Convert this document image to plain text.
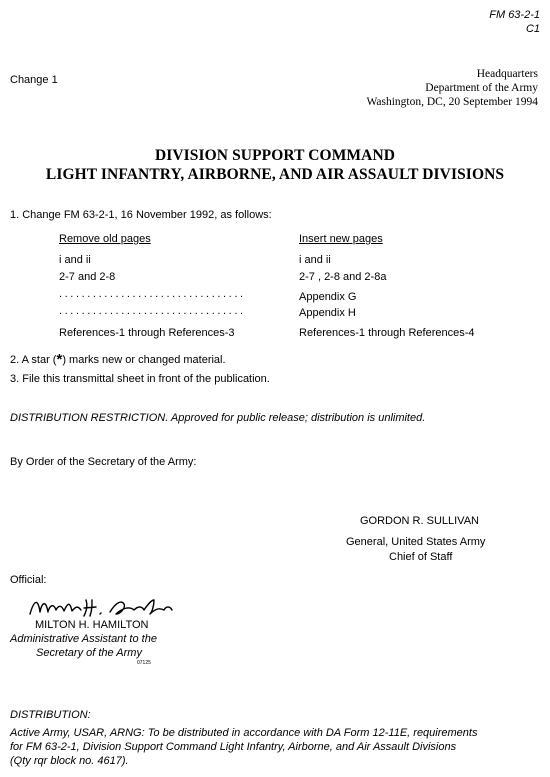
FM 63-2-1
C1
Change 1	Headquarters
Department of the Army
Washington, DC, 20 September 1994
DIVISION SUPPORT COMMAND
LIGHT INFANTRY, AIRBORNE, AND AIR ASSAULT DIVISIONS
1. Change FM 63-2-1, 16 November 1992, as follows:
Remove old pages	Insert new pages
i and ii	i and ii
2-7 and 2-8	2-7 , 2-8 and 2-8a
.................................	Appendix G
.................................	Appendix H
References-1 through References-3	References-1 through References-4
2. A star (*) marks new or changed material.
3. File this transmittal sheet in front of the publication.
DISTRIBUTION RESTRICTION. Approved for public release; distribution is unlimited.
By Order of the Secretary of the Army:
GORDON R. SULLIVAN
General, United States Army
Chief of Staff
Official:
MILTON H. HAMILTON
Administrative Assistant to the
Secretary of the Army
07125
DISTRIBUTION:
Active Army, USAR, ARNG: To be distributed in accordance with DA Form 12-11E, requirements
for FM 63-2-1, Division Support Command Light Infantry, Airborne, and Air Assault Divisions
(Qty rqr block no. 4617).
